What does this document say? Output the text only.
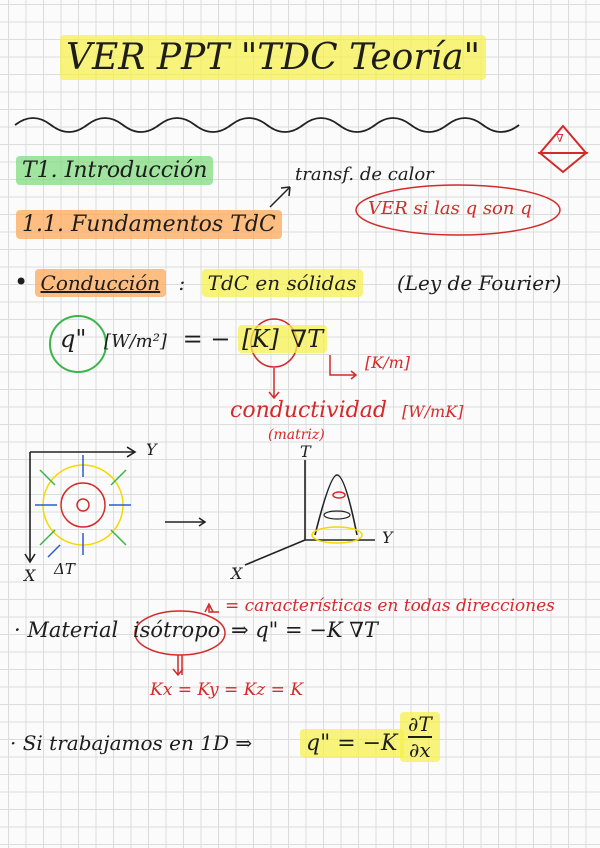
VER PPT "TDC Teoría"
∇
T1. Introducción	transf. de calor
VER si las q son q
1.1. Fundamentos TdC
• Conducción : TdC en sólidas (Ley de Fourier)
q" [W/m²] = − [K] ∇T
[K/m]
conductividad [W/mK]
(matriz)
Y
X ΔT
T
Y
X
= características en todas direcciones
· Material isótropo ⇒ q" = −K ∇T
Kx = Ky = Kz = K
· Si trabajamos en 1D ⇒ q" = $-K \frac{\partial T}{\partial x}$
